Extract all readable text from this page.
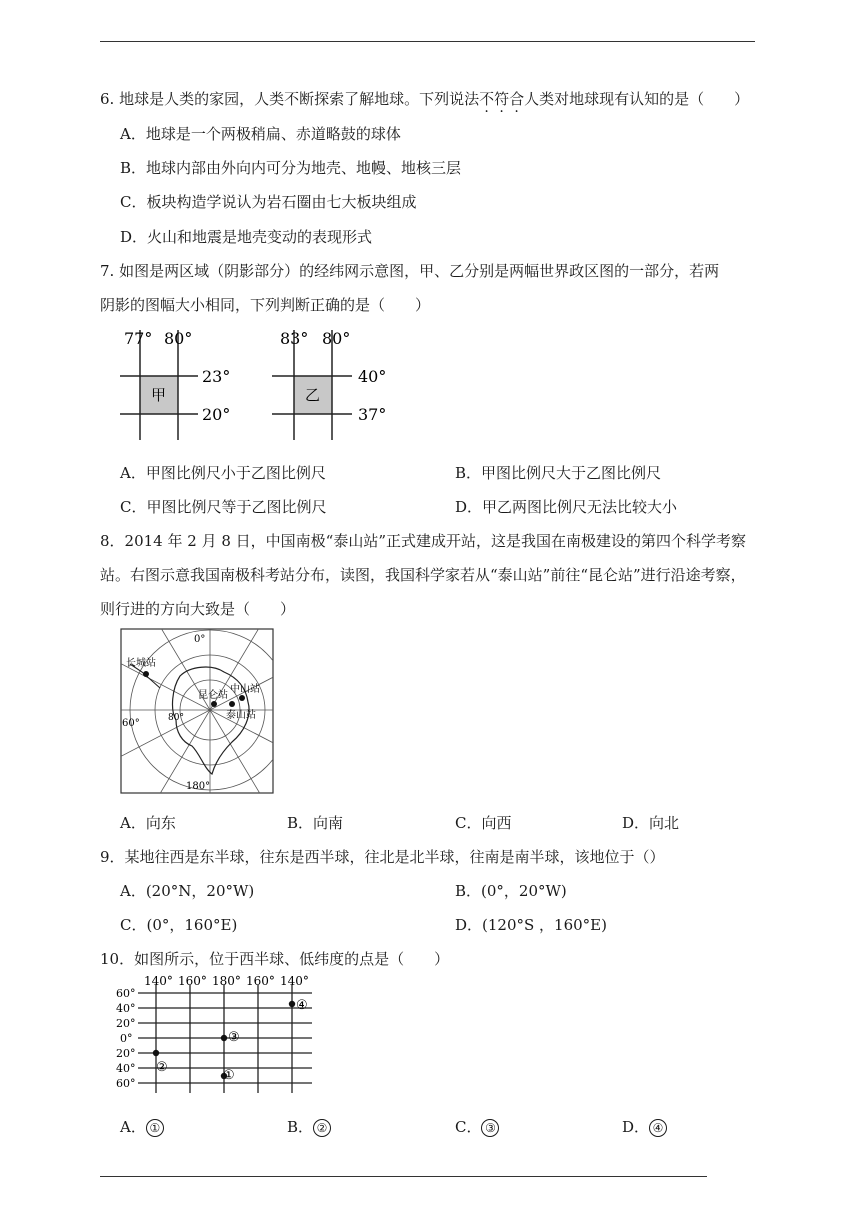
6. 地球是人类的家园，人类不断探索了解地球。下列说法不符合人类对地球现有认知的是（　　）
A．地球是一个两极稍扁、赤道略鼓的球体
B．地球内部由外向内可分为地壳、地幔、地核三层
C．板块构造学说认为岩石圈由七大板块组成
D．火山和地震是地壳变动的表现形式
7. 如图是两区域（阴影部分）的经纬网示意图，甲、乙分别是两幅世界政区图的一部分，若两
阴影的图幅大小相同，下列判断正确的是（　　）
77° 80°
23°
20°
甲
83° 80°
40°
37°
乙
A．甲图比例尺小于乙图比例尺	B．甲图比例尺大于乙图比例尺
C．甲图比例尺等于乙图比例尺	D．甲乙两图比例尺无法比较大小
8．2014 年 2 月 8 日，中国南极“泰山站”正式建成开站，这是我国在南极建设的第四个科学考察
站。右图示意我国南极科考站分布，读图，我国科学家若从“泰山站”前往“昆仑站”进行沿途考察，
则行进的方向大致是（　　）
0°
180°
60°	80°
长城站
昆仑站
中山站
泰山站
A．向东	B．向南	C．向西	D．向北
9．某地往西是东半球，往东是西半球，往北是北半球，往南是南半球，该地位于（）
A．(20°N，20°W)	B．(0°，20°W)
C．(0°，160°E)	D．(120°S ，160°E)
10．如图所示，位于西半球、低纬度的点是（　　）
140° 160° 180° 160° 140°
60°
40°
20°
0°
20°
40°
60°
①
②
③
④
A． ①	B． ②	C． ③	D． ④
